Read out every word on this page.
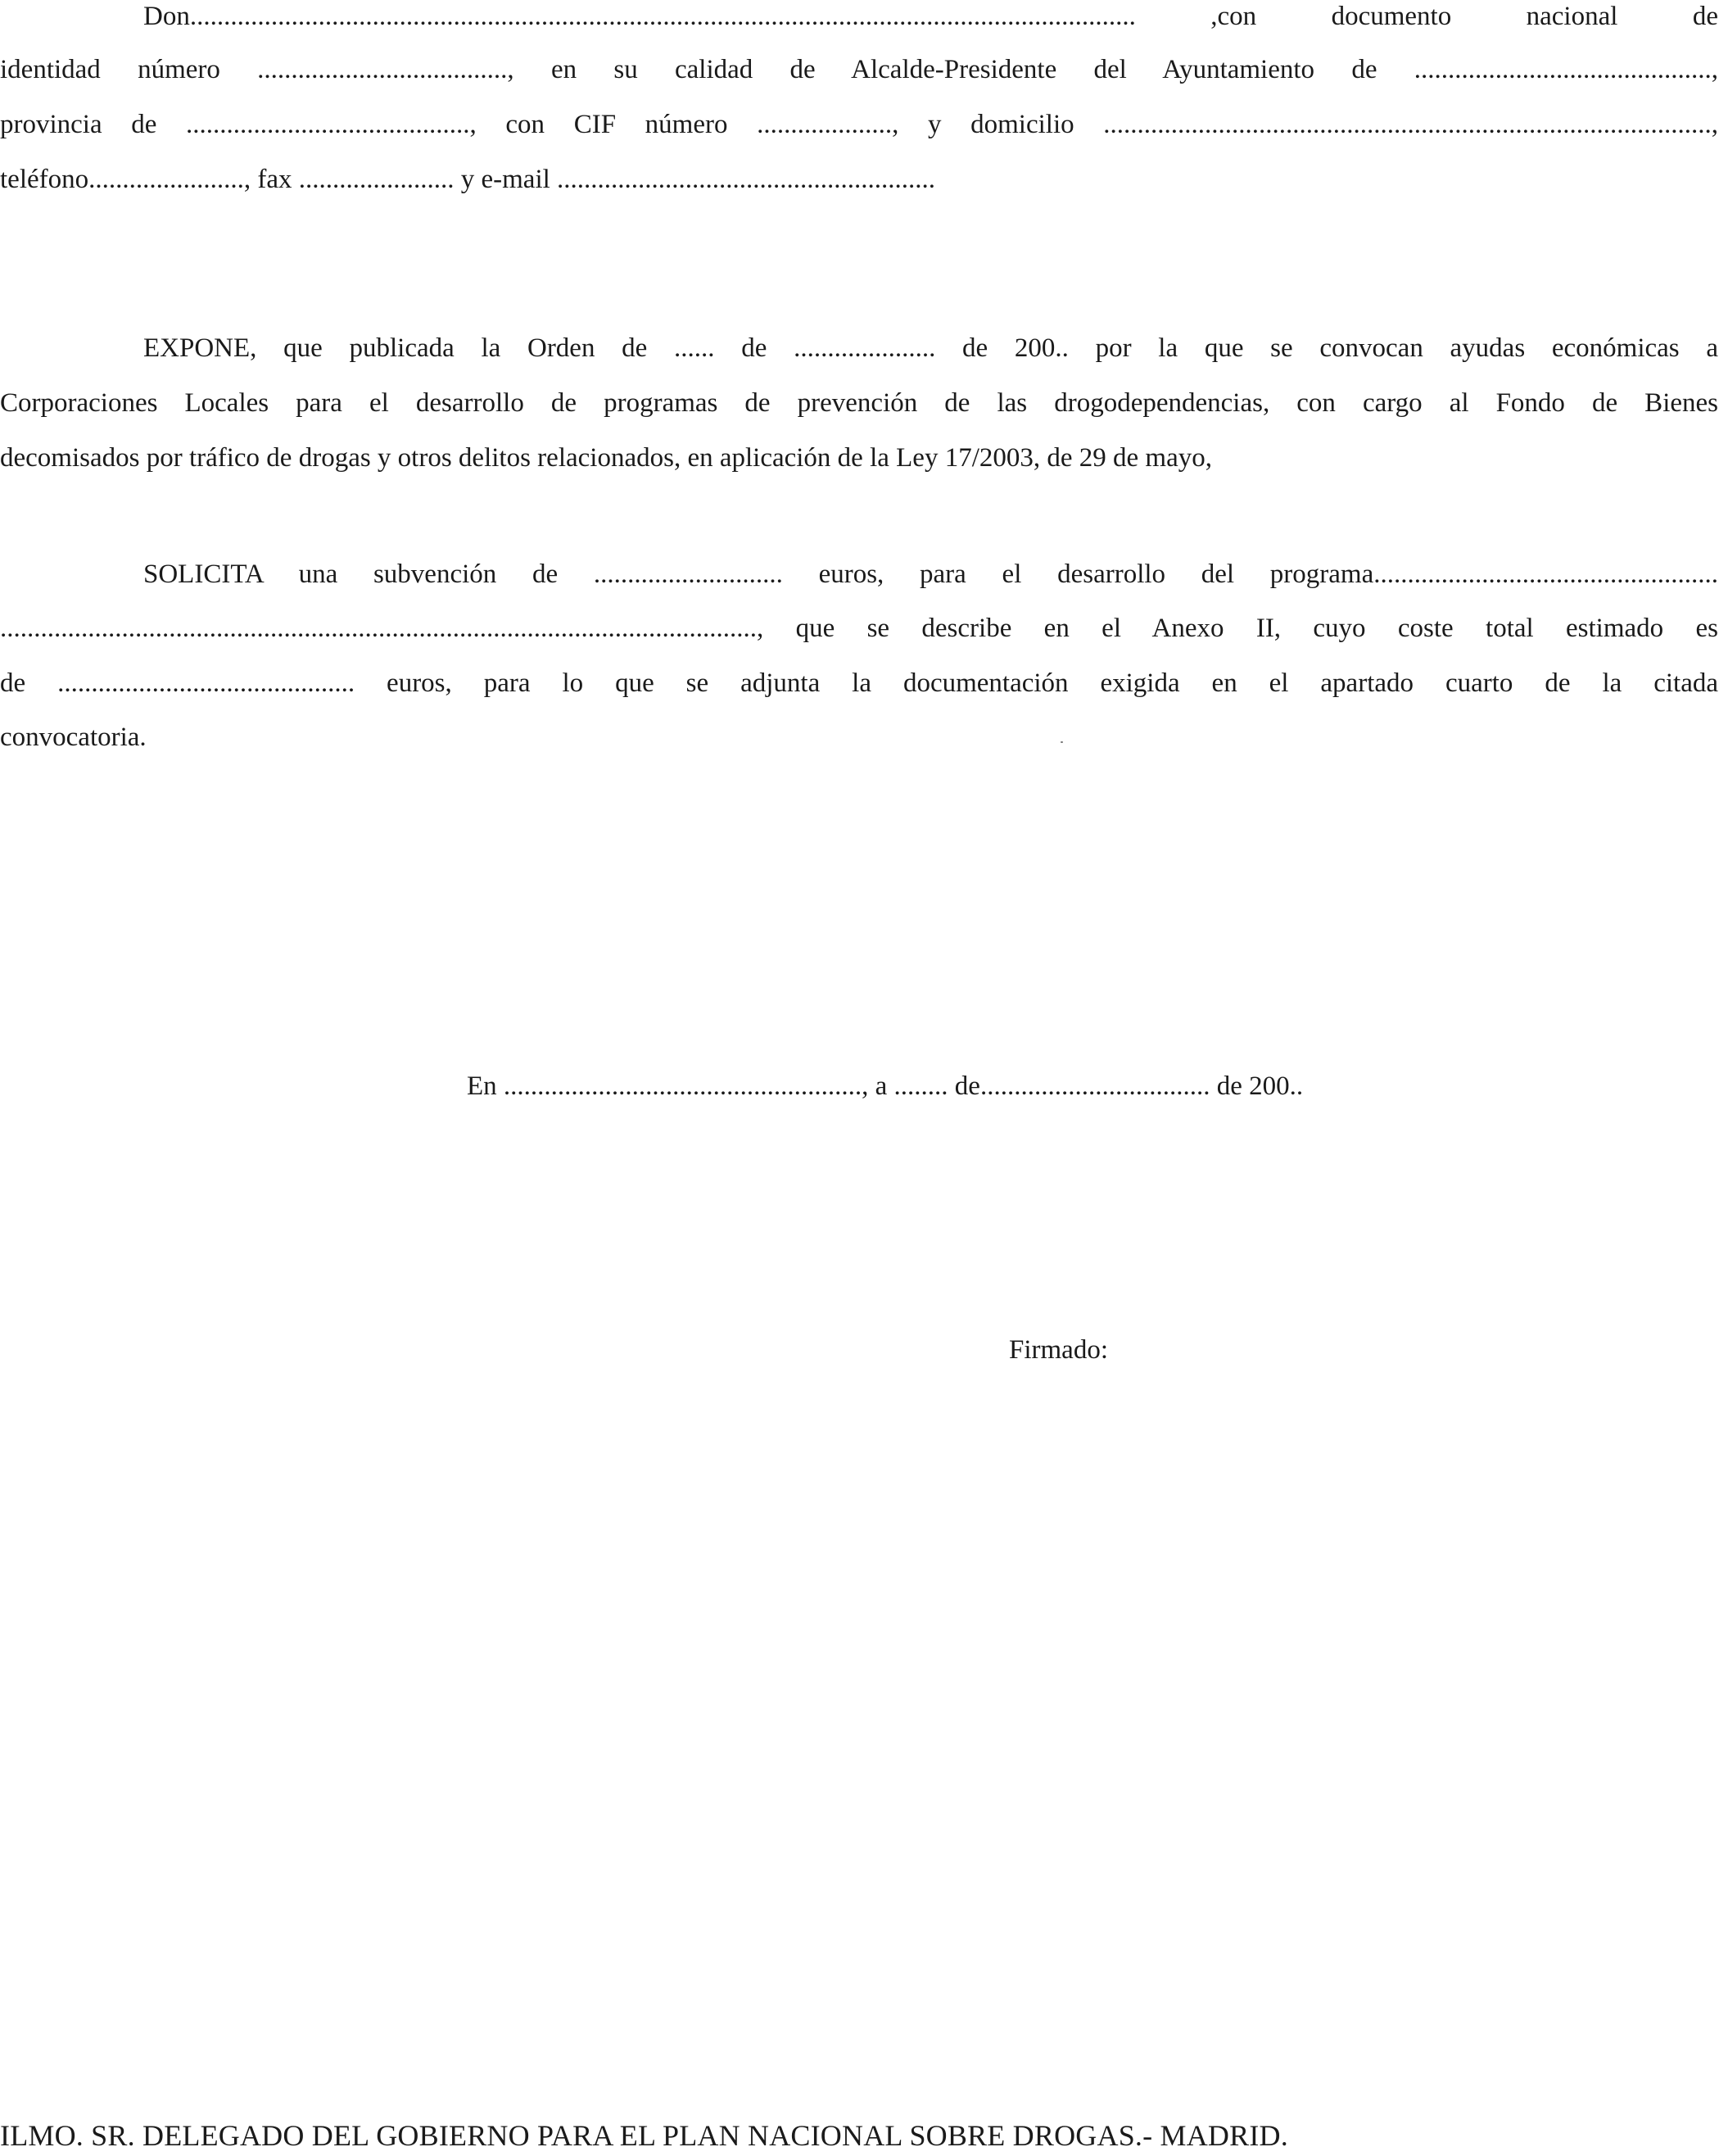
Don............................................................................................................................................ ,con documento nacional de
identidad número ....................................., en su calidad de Alcalde-Presidente del Ayuntamiento de ............................................,
provincia de .........................................., con CIF número ...................., y domicilio ..........................................................................................,
teléfono......................., fax ....................... y e-mail ........................................................
EXPONE, que publicada la Orden de ...... de ..................... de 200.. por la que se convocan ayudas económicas a
Corporaciones Locales para el desarrollo de programas de prevención de las drogodependencias, con cargo al Fondo de Bienes
decomisados por tráfico de drogas y otros delitos relacionados, en aplicación de la Ley 17/2003, de 29 de mayo,
SOLICITA una subvención de ............................ euros, para el desarrollo del programa...................................................
................................................................................................................, que se describe en el Anexo II, cuyo coste total estimado es
de ............................................ euros, para lo que se adjunta la documentación exigida en el apartado cuarto de la citada
convocatoria.
En ....................................................., a ........ de.................................. de 200..
Firmado:
ILMO. SR. DELEGADO DEL GOBIERNO PARA EL PLAN NACIONAL SOBRE DROGAS.- MADRID.
